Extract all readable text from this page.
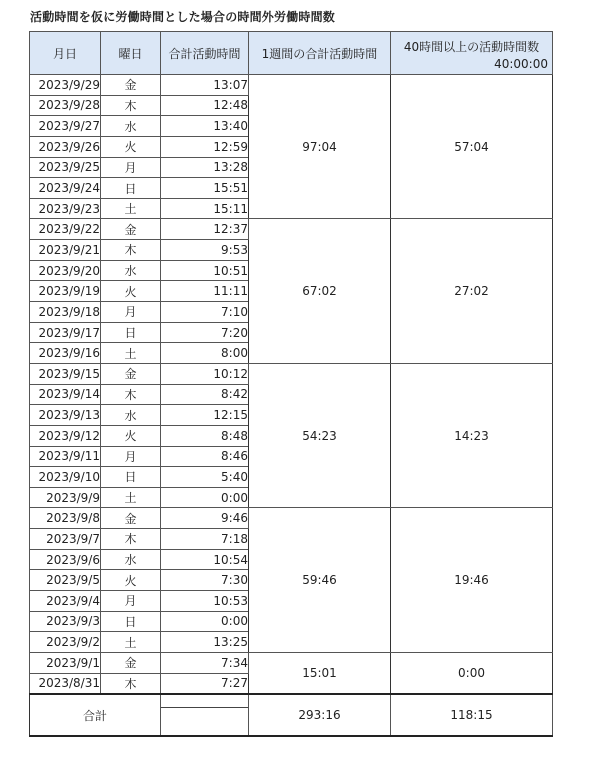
活動時間を仮に労働時間とした場合の時間外労働時間数
月日	曜日	合計活動時間	1週間の合計活動時間	40時間以上の活動時間数
40:00:00

2023/9/29	金	13:07	97:04	57:04
2023/9/28	木	12:48		
2023/9/27	水	13:40		
2023/9/26	火	12:59		
2023/9/25	月	13:28		
2023/9/24	日	15:51		
2023/9/23	土	15:11		
2023/9/22	金	12:37	67:02	27:02
2023/9/21	木	9:53		
2023/9/20	水	10:51		
2023/9/19	火	11:11		
2023/9/18	月	7:10		
2023/9/17	日	7:20		
2023/9/16	土	8:00		
2023/9/15	金	10:12	54:23	14:23
2023/9/14	木	8:42		
2023/9/13	水	12:15		
2023/9/12	火	8:48		
2023/9/11	月	8:46		
2023/9/10	日	5:40		
2023/9/9	土	0:00		
2023/9/8	金	9:46	59:46	19:46
2023/9/7	木	7:18		
2023/9/6	水	10:54		
2023/9/5	火	7:30		
2023/9/4	月	10:53		
2023/9/3	日	0:00		
2023/9/2	土	13:25		
2023/9/1	金	7:34	15:01	0:00
2023/8/31	木	7:27		
合計			293:16	118:15
